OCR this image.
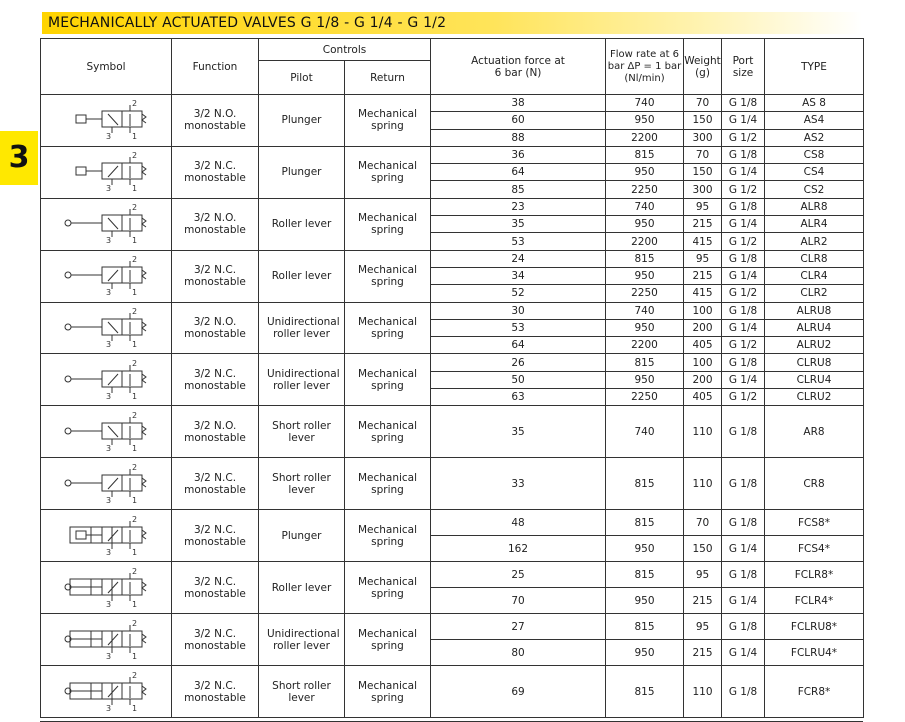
MECHANICALLY ACTUATED VALVES G 1/8 - G 1/4 - G 1/2
3
Symbol	Function	Controls		Actuation force at 6 bar (N)	Flow rate at 6 bar ΔP = 1 bar (Nl/min)	Weight (g)	Port size	TYPE
		Pilot	Return					

2
3 1	3/2 N.O. monostable	Plunger	Mechanical spring	38	740	70	G 1/8	AS 8
				60	950	150	G 1/4	AS4
				88	2200	300	G 1/2	AS2

2
3 1	3/2 N.C. monostable	Plunger	Mechanical spring	36	815	70	G 1/8	CS8
				64	950	150	G 1/4	CS4
				85	2250	300	G 1/2	CS2

2
3 1	3/2 N.O. monostable	Roller lever	Mechanical spring	23	740	95	G 1/8	ALR8
				35	950	215	G 1/4	ALR4
				53	2200	415	G 1/2	ALR2

2
3 1	3/2 N.C. monostable	Roller lever	Mechanical spring	24	815	95	G 1/8	CLR8
				34	950	215	G 1/4	CLR4
				52	2250	415	G 1/2	CLR2

2
3 1	3/2 N.O. monostable	Unidirectional roller lever	Mechanical spring	30	740	100	G 1/8	ALRU8
				53	950	200	G 1/4	ALRU4
				64	2200	405	G 1/2	ALRU2

2
3 1	3/2 N.C. monostable	Unidirectional roller lever	Mechanical spring	26	815	100	G 1/8	CLRU8
				50	950	200	G 1/4	CLRU4
				63	2250	405	G 1/2	CLRU2

2
3 1	3/2 N.O. monostable	Short roller lever	Mechanical spring	35	740	110	G 1/8	AR8

2
3 1	3/2 N.C. monostable	Short roller lever	Mechanical spring	33	815	110	G 1/8	CR8

2
3 1	3/2 N.C. monostable	Plunger	Mechanical spring	48	815	70	G 1/8	FCS8*
				162	950	150	G 1/4	FCS4*

2
3 1	3/2 N.C. monostable	Roller lever	Mechanical spring	25	815	95	G 1/8	FCLR8*
				70	950	215	G 1/4	FCLR4*

2
3 1	3/2 N.C. monostable	Unidirectional roller lever	Mechanical spring	27	815	95	G 1/8	FCLRU8*
				80	950	215	G 1/4	FCLRU4*

2
3 1	3/2 N.C. monostable	Short roller lever	Mechanical spring	69	815	110	G 1/8	FCR8*
